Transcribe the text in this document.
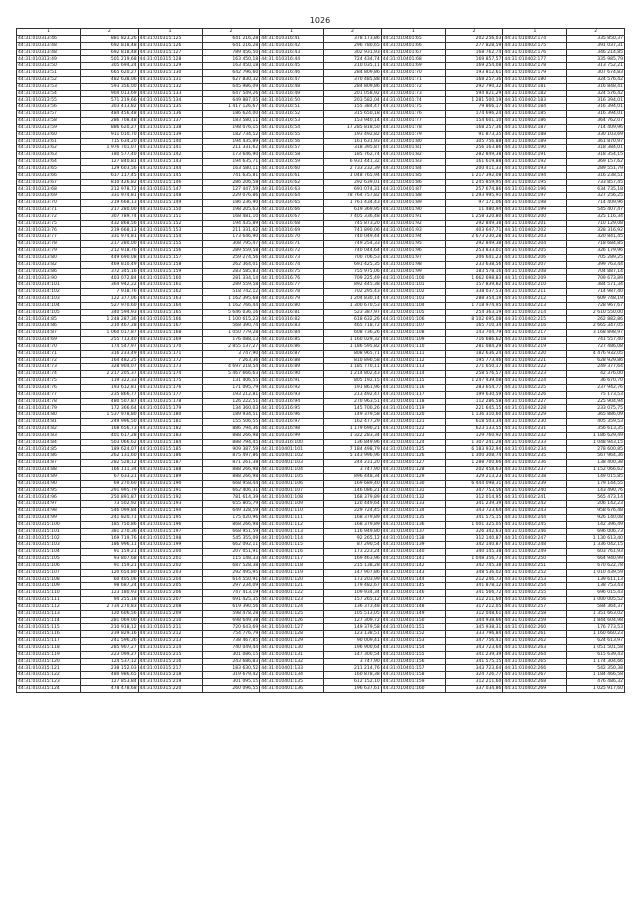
1026
1	2	1	2	1	2	1	2	1	2
44:31:010313:46	881 823,26	44:31:010315:125	641 216,28	44:31:010316:41	378 173,86	44:31:010401:65	202 256,03	44:31:010402:174	335 850,37
44:31:010313:48	692 818,48	44:31:010315:126	641 216,28	44:31:010316:42	296 780,65	44:31:010401:66	277 828,59	44:31:010402:175	391 037,31
44:31:010313:48	692 818,48	44:31:010315:127	789 456,50	44:31:010316:43	302 931,93	44:31:010401:67	168 762,74	44:31:010402:176	346 214,85
44:31:010313:49	501 219,68	44:31:010315:128	163 450,18	44:31:010316:44	724 434,74	44:31:010401:68	169 857,57	44:31:010402:177	335 985,79
44:31:010313:50	305 694,24	44:31:010315:129	163 450,18	44:31:010316:45	210 035,11	44:31:010401:69	169 254,08	44:31:010402:178	313 752,21
44:31:010313:51	665 620,27	44:31:010315:130	642 796,60	44:31:010316:46	284 809,86	44:31:010401:70	193 812,61	44:31:010402:179	307 674,83
44:31:010313:52	482 638,06	44:31:010315:131	627 830,32	44:31:010316:47	370 485,88	44:31:010401:71	168 257,36	44:31:010402:180	324 576,42
44:31:010313:53	593 356,00	44:31:010315:132	645 986,09	44:31:010316:48	284 809,86	44:31:010401:72	292 790,32	44:31:010402:181	316 848,41
44:31:010313:54	904 013,69	44:31:010315:133	647 549,26	44:31:010316:49	201 058,92	44:31:010401:73	594 821,29	44:31:010402:182	324 576,42
44:31:010313:55	571 219,66	44:31:010315:134	649 887,05	44:31:010316:50	203 582,04	44:31:010401:74	1 281 500,19	44:31:010402:183	316 394,01
44:31:010313:56	303 413,82	44:31:010315:135	1 417 126,67	44:31:010316:51	155 384,47	44:31:010401:75	79 866,17	44:31:010402:184	316 394,01
44:31:010313:57	484 456,48	44:31:010315:136	186 624,00	44:31:010316:52	315 650,18	44:31:010401:76	174 696,24	44:31:010402:185	316 394,01
44:31:010313:58	286 708,48	44:31:010315:137	183 580,11	44:31:010316:53	153 940,14	44:31:010401:77	154 601,10	44:31:010402:186	364 762,07
44:31:010313:59	886 620,27	44:31:010315:138	198 076,15	44:31:010316:54	17 285 818,50	44:31:010401:78	168 257,36	44:31:010402:187	714 409,96
44:31:010313:60	911 010,70	44:31:010315:139	182 734,52	44:31:010316:55	193 492,82	44:31:010401:79	91 873,35	44:31:010402:188	330 103,69
44:31:010313:61	715 634,20	44:31:010315:140	194 435,89	44:31:010316:56	161 631,93	44:31:010401:80	305 756,88	44:31:010402:189	361 870,97
44:31:010313:62	1 976 701,07	44:31:010315:141	211 331,62	44:31:010316:57	318 395,87	44:31:010401:81	256 163,86	44:31:010402:190	318 384,01
44:31:010313:63	180 577,40	44:31:010315:142	173 646,90	44:31:010316:58	185 762,74	44:31:010401:82	282 849,38	44:31:010402:191	318 354,15
44:31:010313:64	127 840,81	44:31:010315:143	194 635,71	44:31:010316:59	6 931 441,32	44:31:010401:83	161 619,88	44:31:010402:192	369 157,62
44:31:010313:65	129 603,56	44:31:010315:144	163 580,11	44:31:010316:60	2 733 232,39	44:31:010401:84	200 411,33	44:31:010402:193	289 551,79
44:31:010313:66	617 117,45	44:31:010315:145	741 635,81	44:31:010316:61	1 048 765,94	44:31:010401:85	1 217 392,08	44:31:010402:194	316 238,51
44:31:010313:67	810 426,82	44:31:010315:146	286 206,58	44:31:010316:62	292 639,01	44:31:010401:86	1 245 859,95	44:31:010402:195	733 857,45
44:31:010313:68	212 978,72	44:31:010315:147	127 447,59	44:31:010316:63	691 074,31	44:31:010401:87	257 674,86	44:31:010402:196	634 735,18
44:31:010313:69	331 974,81	44:31:010315:148	229 076,86	44:31:010316:64	78 764 757,82	44:31:010401:88	1 293 995,91	44:31:010402:197	327 256,25
44:31:010313:70	219 668,13	44:31:010315:149	186 236,90	44:31:010316:65	1 761 434,43	44:31:010401:89	97 171,06	44:31:010402:198	714 409,96
44:31:010313:71	217 280,00	44:31:010315:150	198 205,63	44:31:010316:66	619 369,95	44:31:010401:90	11 480,94	44:31:010402:199	545 407,47
44:31:010313:72	307 789,74	44:31:010315:151	168 481,10	44:31:010316:67	7 405 336,48	44:31:010401:91	1 258 320,80	44:31:010402:200	325 116,34
44:31:010313:75	432 868,56	44:31:010315:152	194 435,89	44:31:010316:68	745 873,20	44:31:010401:92	292 849,38	44:31:010402:201	710 129,08
44:31:010313:76	219 668,13	44:31:010315:153	211 331,62	44:31:010316:69	741 890,06	44:31:010401:93	403 647,71	44:31:010402:202	328 316,92
44:31:010313:77	331 974,81	44:31:010315:154	173 646,90	44:31:010316:70	740 049,44	44:31:010401:94	2 673 230,28	44:31:010402:203	320 841,45
44:31:010313:78	217 280,00	44:31:010315:155	308 795,47	44:31:010316:71	749 254,33	44:31:010401:95	292 849,38	44:31:010402:204	718 684,85
44:31:010313:79	212 918,76	44:31:010315:156	289 559,58	44:31:010316:72	740 044,64	44:31:010401:96	253 833,01	44:31:010402:205	326 179,96
44:31:010313:80	449 690,08	44:31:010315:157	259 274,56	44:31:010316:73	700 706,53	44:31:010401:97	206 641,23	44:31:010402:206	705 289,25
44:31:010313:82	469 810,49	44:31:010315:158	262 364,01	44:31:010316:74	691 425,35	44:31:010401:98	233 638,56	44:31:010402:207	399 763,44
44:31:010313:86	372 345,16	44:31:010315:159	283 585,83	44:31:010316:75	755 975,06	44:31:010401:99	183 578,16	44:31:010402:208	704 887,14
44:31:010313:90	403 072,84	44:31:010315:160	281 334,14	44:31:010316:76	709 225,49	44:31:010401:100	1 662 698,83	44:31:010402:209	709 673,89
44:31:010314:101	364 942,22	44:31:010315:161	289 559,58	44:31:010316:77	892 445,38	44:31:010401:101	157 839,82	44:31:010402:210	384 571,34
44:31:010314:102	7 918,76	44:31:010315:162	518 742,12	44:31:010316:78	702 295,43	44:31:010401:102	338 037,53	44:31:010402:211	714 987,40
44:31:010314:103	122 377,06	44:31:010315:163	1 162 395,68	44:31:010316:79	1 204 830,14	44:31:010401:103	288 354,19	44:31:010402:212	609 748,19
44:31:010314:104	527 970,60	44:31:010315:164	1 162 766,44	44:31:010316:80	1 300 670,53	44:31:010401:104	1 718 974,95	44:31:010402:213	728 967,67
44:31:010314:105	340 594,93	44:31:010315:165	5 646 036,16	44:31:010316:81	523 387,97	44:31:010401:105	254 363,19	44:31:010402:214	2 610 550,00
44:31:010314:85	1 248 287,36	44:31:010315:166	1 100 615,23	44:31:010316:82	618 632,26	44:31:010401:106	8 102 695,08	44:31:010402:215	262 882,86
44:31:010314:86	210 467,28	44:31:010315:167	568 390,74	44:31:010316:83	465 718,72	44:31:010401:107	165 710,34	44:31:010402:216	2 665 347,05
44:31:010314:87	1 060 017,87	44:31:010315:168	1 050 779,28	44:31:010316:84	608 736,26	44:31:010401:108	143 704,79	44:31:010402:217	3 168 898,97
44:31:010314:69	255 713,40	44:31:010315:169	176 088,13	44:31:010316:85	1 160 029,32	44:31:010401:109	716 686,62	44:31:010402:218	741 557,40
44:31:010314:70	174 547,97	44:31:010315:170	2 855 137,27	44:31:010316:86	1 186 595,82	44:31:010401:110	281 084,29	44:31:010402:219	727 486,08
44:31:010314:71	316 233,49	44:31:010315:171	3 747,90	44:31:010316:87	808 965,71	44:31:010401:111	182 636,24	44:31:010402:220	4 476 932,05
44:31:010314:72	164 482,25	44:31:010315:172	7 263,36	44:31:010316:88	810 890,58	44:31:010401:112	195 773,46	44:31:010402:221	628 929,86
44:31:010314:73	328 904,07	44:31:010315:173	4 697 218,54	44:31:010316:89	1 185 770,11	44:31:010401:113	271 650,17	44:31:010402:222	249 377,64
44:31:010314:74	2 217 205,37	44:31:010315:174	5 467 666,63	44:31:010316:90	1 214 802,43	44:31:010401:114	258 576,57	44:31:010402:223	42 376,00
44:31:010314:75	119 322,33	44:31:010315:175	131 406,55	44:31:010316:91	805 192,15	44:31:010401:115	1 247 439,08	44:31:010402:224	36 670,70
44:31:010314:76	193 612,81	44:31:010315:176	171 095,79	44:31:010316:92	191 861,96	44:31:010401:116	283 654,77	44:31:010402:225	237 942,76
44:31:010314:77	235 866,77	44:31:010315:177	193 212,81	44:31:010316:93	213 492,47	44:31:010401:117	199 630,59	44:31:010402:226	75 173,53
44:31:010314:78	480 507,87	44:31:010315:178	126 222,51	44:31:010316:94	270 963,51	44:31:010401:118	112 286,58	44:31:010402:227	225 904,94
44:31:010314:79	172 366,64	44:31:010315:179	134 360,03	44:31:010316:95	145 700,26	44:31:010401:119	221 645,15	44:31:010402:228	233 075,75
44:31:010314:80	1 537 978,80	44:31:010315:180	189 934,51	44:31:010316:96	149 379,58	44:31:010401:120	1 136 310,60	44:31:010402:229	365 886,09
44:31:010314:81	249 996,50	44:31:010315:181	155 506,55	44:31:010316:97	162 477,29	44:31:010401:121	618 503,34	44:31:010402:230	405 359,53
44:31:010314:82	168 656,73	44:31:010315:182	886 794,36	44:31:010316:98	1 179 690,21	44:31:010401:122	623 133,55	44:31:010402:231	356 613,35
44:31:010314:83	401 617,28	44:31:010315:183	888 266,98	44:31:010316:99	1 322 283,34	44:31:010401:123	129 760,92	44:31:010402:232	1 186 629,49
44:31:010314:84	503 066,62	44:31:010315:184	888 794,45	44:31:010316:100	136 849,96	44:31:010401:124	1 307 241,28	44:31:010402:233	1 048 943,15
44:31:010314:85	189 624,07	44:31:010315:185	909 387,59	44:31:010401:101	7 184 498,79	44:31:010401:125	6 183 932,94	44:31:010402:234	278 600,85
44:31:010314:86	262 131,60	44:31:010315:186	875 497,86	44:31:010401:102	5 143 996,96	44:31:010401:126	1 300 308,74	44:31:010402:235	567 964,36
44:31:010314:87	282 528,12	44:31:010315:187	871 261,38	44:31:010401:103	244 231,20	44:31:010401:127	1 288 700,66	44:31:010402:236	138 400,38
44:31:010314:88	166 111,34	44:31:010315:188	888 266,98	44:31:010401:104	3 747,90	44:31:010401:128	202 458,63	44:31:010402:237	1 152 066,62
44:31:010314:89	67 633,21	44:31:010315:189	888 266,98	44:31:010401:105	896 448,34	44:31:010401:129	329 213,23	44:31:010402:238	149 015,85
44:31:010314:90	69 270,60	44:31:010315:190	668 958,44	44:31:010401:106	169 689,40	44:31:010401:130	6 444 098,31	44:31:010402:239	179 144,55
44:31:010314:95	291 995,79	44:31:010315:191	662 406,31	44:31:010401:107	146 086,21	44:31:010401:131	347 753,56	44:31:010402:240	143 490,76
44:31:010314:96	250 891,87	44:31:010315:192	781 614,39	44:31:010401:108	168 379,89	44:31:010401:132	312 014,95	44:31:010402:241	565 473,14
44:31:010314:97	73 502,92	44:31:010315:193	655 805,79	44:31:010401:109	120 449,64	44:31:010401:133	341 239,39	44:31:010402:242	206 142,23
44:31:010314:98	546 099,84	44:31:010315:194	649 328,59	44:31:010401:110	229 724,45	44:31:010401:134	343 723,64	44:31:010402:243	958 676,48
44:31:010314:99	241 820,71	44:31:010315:195	175 020,96	44:31:010401:111	168 379,89	44:31:010401:135	341 575,15	44:31:010402:244	926 140,08
44:31:010315:100	185 750,86	44:31:010315:196	868 266,98	44:31:010401:112	168 379,89	44:31:010401:136	1 001 325,05	44:31:010402:245	142 396,49
44:31:010315:101	381 270,36	44:31:010315:197	668 951,59	44:31:010401:113	116 949,80	44:31:010401:137	326 342,63	44:31:010402:246	696 006,73
44:31:010315:102	169 719,76	44:31:010315:198	545 355,09	44:31:010401:114	92 265,12	44:31:010401:138	312 140,87	44:31:010402:247	1 130 613,40
44:31:010315:103	186 996,11	44:31:010315:199	662 092,11	44:31:010401:115	87 290,54	44:31:010401:139	342 140,87	44:31:010402:248	1 336 042,15
44:31:010315:104	91 159,21	44:31:010315:200	207 051,91	44:31:010401:116	173 223,24	44:31:010401:140	340 145,38	44:31:010402:249	603 761,93
44:31:010315:105	93 807,68	44:31:010315:201	115 148,33	44:31:010401:117	169 463,96	44:31:010401:141	1 048 356,73	44:31:010402:250	664 940,99
44:31:010315:106	91 159,21	44:31:010315:202	687 528,38	44:31:010401:118	215 138,28	44:31:010401:142	342 745,38	44:31:010402:251	670 622,78
44:31:010315:107	120 654,80	44:31:010315:203	292 495,95	44:31:010401:119	147 907,86	44:31:010401:143	348 536,02	44:31:010402:252	1 010 439,59
44:31:010315:108	60 405,06	44:31:010315:204	614 550,91	44:31:010401:120	173 203,99	44:31:010401:144	212 246,73	44:31:010402:253	139 611,13
44:31:010315:109	98 687,24	44:31:010315:205	297 234,09	44:31:010401:121	179 482,67	44:31:010401:145	341 878,12	44:31:010402:254	138 753,43
44:31:010315:110	123 180,93	44:31:010315:206	747 413,19	44:31:010401:122	109 934,34	44:31:010401:146	341 566,72	44:31:010402:255	696 015,43
44:31:010315:111	94 255,18	44:31:010315:207	691 425,35	44:31:010401:123	157 265,12	44:31:010401:147	312 211,60	44:31:010402:256	1 000 005,52
44:31:010315:112	2 734 270,83	44:31:010315:208	619 390,56	44:31:010401:124	136 373,48	44:31:010401:148	317 212,05	44:31:010402:257	584 364,37
44:31:010315:113	120 606,56	44:31:010315:209	598 478,28	44:31:010401:125	105 513,05	44:31:010401:149	312 048,61	44:31:010402:258	1 351 663,02
44:31:010315:114	281 069,00	44:31:010315:210	698 649,38	44:31:010401:126	127 309,72	44:31:010401:150	344 938,66	44:31:010402:259	1 844 604,98
44:31:010315:115	210 918,12	44:31:010315:211	720 643,69	44:31:010401:127	149 379,58	44:31:010401:151	345 938,31	44:31:010402:260	176 773,53
44:31:010315:116	239 829,16	44:31:010315:212	754 776,79	44:31:010401:128	123 138,51	44:31:010401:152	333 796,84	44:31:010402:261	1 160 660,23
44:31:010315:117	241 596,26	44:31:010315:213	738 467,85	44:31:010401:129	90 009,41	44:31:010401:153	347 756,41	44:31:010402:262	624 613,97
44:31:010315:118	285 907,27	44:31:010315:214	740 049,44	44:31:010401:130	196 900,64	44:31:010401:154	343 723,64	44:31:010402:263	1 051 501,58
44:31:010315:119	223 099,27	44:31:010315:215	301 086,15	44:31:010401:131	147 300,54	44:31:010401:155	341 239,39	44:31:010402:264	615 639,43
44:31:010315:120	124 537,12	44:31:010315:216	243 686,83	44:31:010401:132	3 747,90	44:31:010401:156	341 575,15	44:31:010402:265	1 174 304,66
44:31:010315:121	238 152,03	44:31:010315:217	183 630,52	44:31:010401:133	211 214,76	44:31:010401:157	343 723,64	44:31:010402:266	542 350,38
44:31:010315:122	480 986,65	44:31:010315:218	319 679,42	44:31:010401:134	160 878,38	44:31:010401:158	324 726,77	44:31:010402:267	1 184 466,58
44:31:010315:123	127 853,84	44:31:010315:219	301 095,15	44:31:010401:135	612 152,10	44:31:010401:159	312 211,60	44:31:010402:268	476 486,32
44:31:010315:124	478 478,68	44:31:010315:220	260 096,55	44:31:010401:136	196 637,61	44:31:010401:160	337 034,86	44:31:010402:269	1 025 917,60
